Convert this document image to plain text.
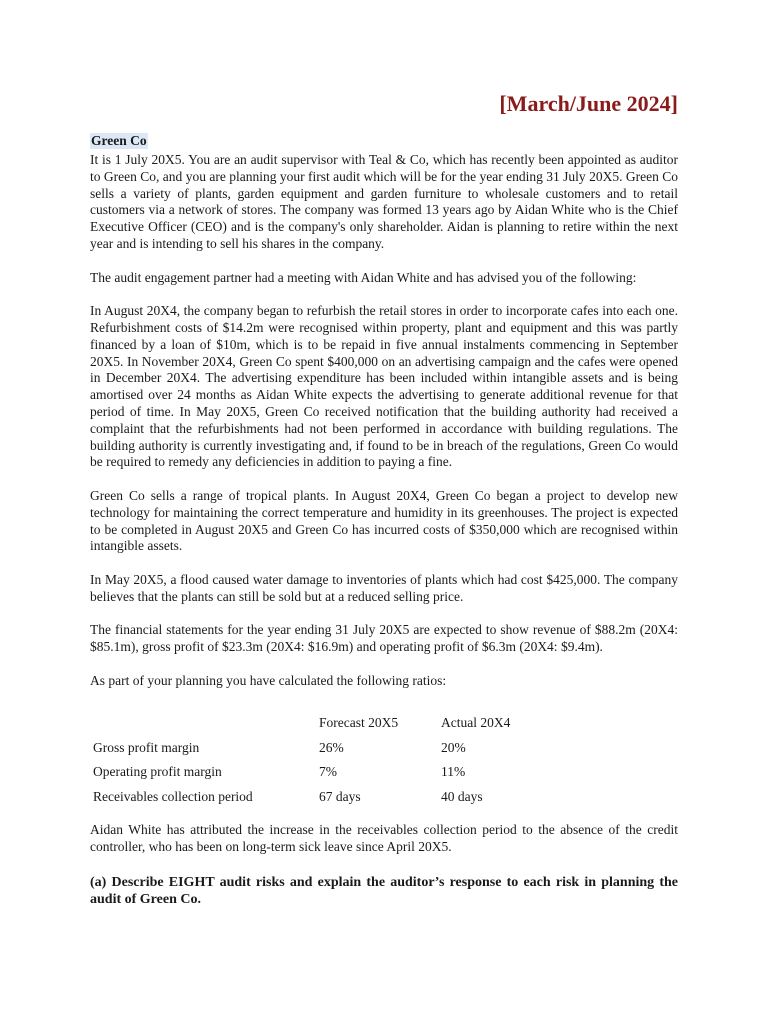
[March/June 2024]
Green Co

It is 1 July 20X5. You are an audit supervisor with Teal & Co, which has recently been appointed as auditor to Green Co, and you are planning your first audit which will be for the year ending 31 July 20X5. Green Co sells a variety of plants, garden equipment and garden furniture to wholesale customers and to retail customers via a network of stores. The company was formed 13 years ago by Aidan White who is the Chief Executive Officer (CEO) and is the company's only shareholder. Aidan is planning to retire within the next year and is intending to sell his shares in the company.

The audit engagement partner had a meeting with Aidan White and has advised you of the following:

In August 20X4, the company began to refurbish the retail stores in order to incorporate cafes into each one. Refurbishment costs of $14.2m were recognised within property, plant and equipment and this was partly financed by a loan of $10m, which is to be repaid in five annual instalments commencing in September 20X5. In November 20X4, Green Co spent $400,000 on an advertising campaign and the cafes were opened in December 20X4. The advertising expenditure has been included within intangible assets and is being amortised over 24 months as Aidan White expects the advertising to generate additional revenue for that period of time. In May 20X5, Green Co received notification that the building authority had received a complaint that the refurbishments had not been performed in accordance with building regulations. The building authority is currently investigating and, if found to be in breach of the regulations, Green Co would be required to remedy any deficiencies in addition to paying a fine.

Green Co sells a range of tropical plants. In August 20X4, Green Co began a project to develop new technology for maintaining the correct temperature and humidity in its greenhouses. The project is expected to be completed in August 20X5 and Green Co has incurred costs of $350,000 which are recognised within intangible assets.

In May 20X5, a flood caused water damage to inventories of plants which had cost $425,000. The company believes that the plants can still be sold but at a reduced selling price.

The financial statements for the year ending 31 July 20X5 are expected to show revenue of $88.2m (20X4: $85.1m), gross profit of $23.3m (20X4: $16.9m) and operating profit of $6.3m (20X4: $9.4m).

As part of your planning you have calculated the following ratios:

	Forecast 20X5	Actual 20X4
Gross profit margin	26%	20%
Operating profit margin	7%	11%
Receivables collection period	67 days	40 days
Aidan White has attributed the increase in the receivables collection period to the absence of the credit controller, who has been on long-term sick leave since April 20X5.
(a) Describe EIGHT audit risks and explain the auditor’s response to each risk in planning the audit of Green Co.
